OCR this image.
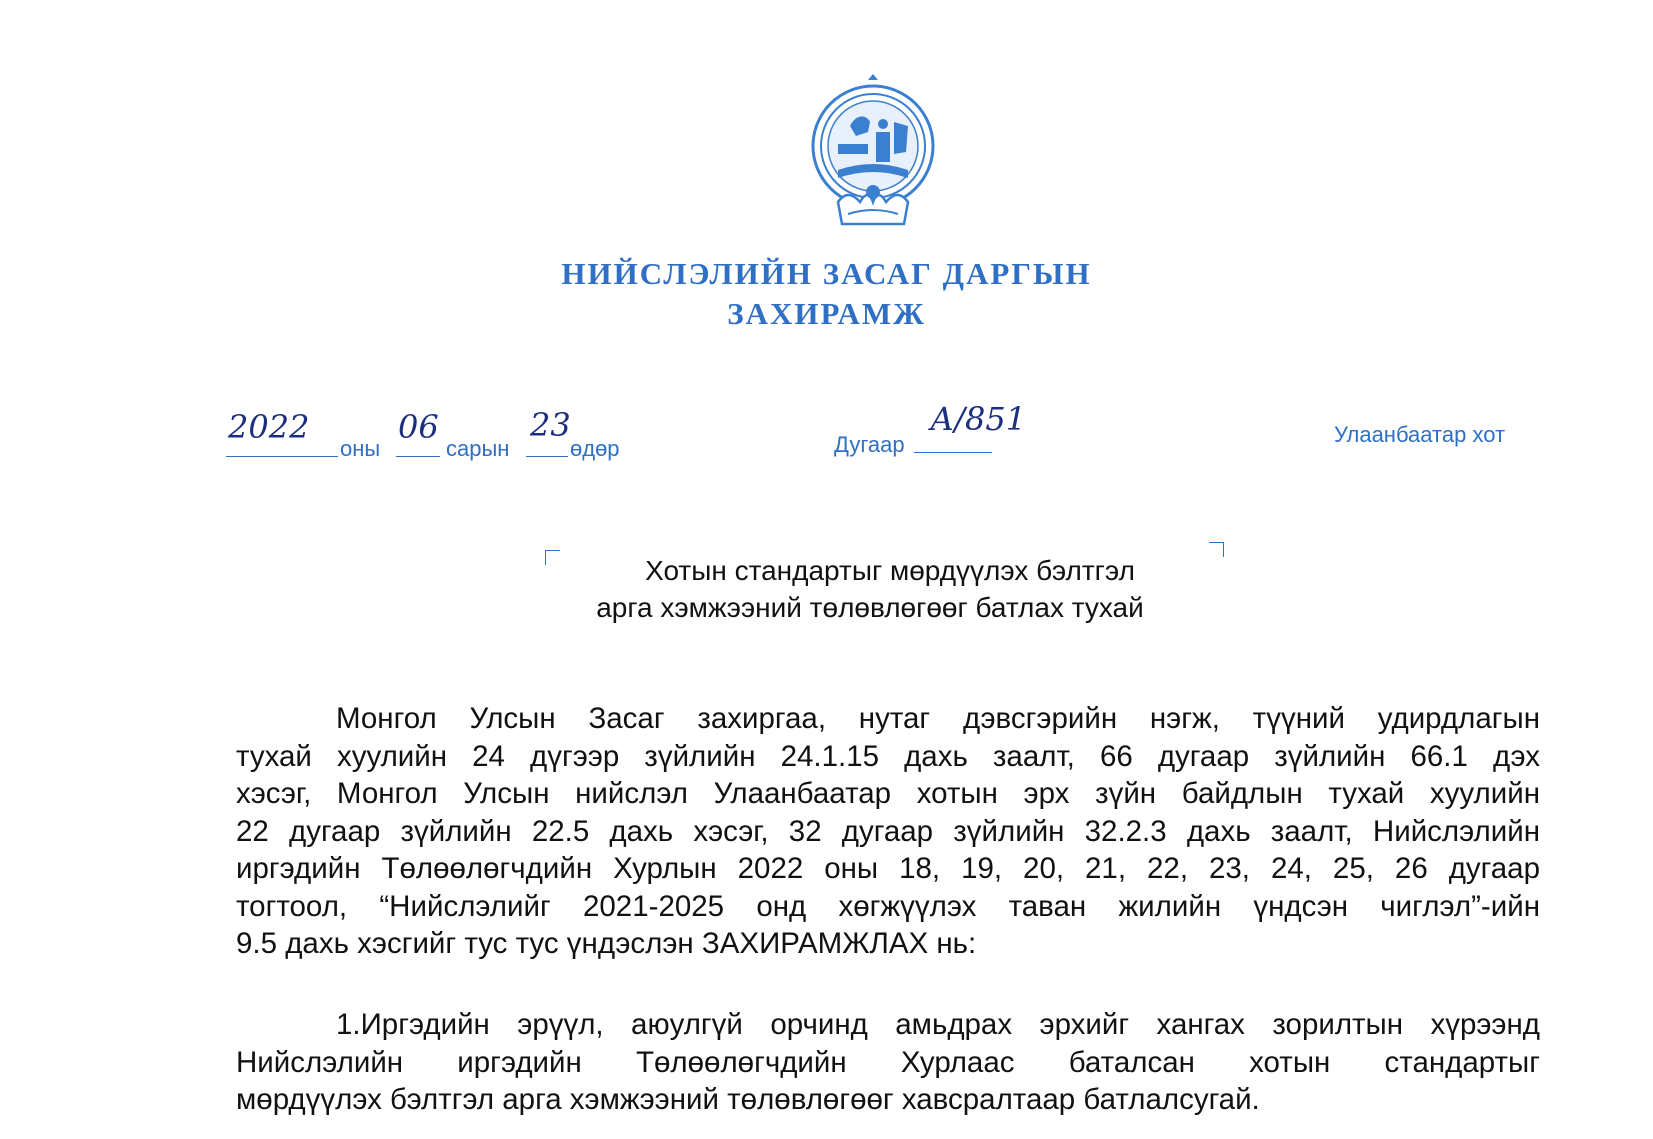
НИЙСЛЭЛИЙН ЗАСАГ ДАРГЫН
ЗАХИРАМЖ
2022
оны
06
сарын
23
өдөр	Дугаар
А/851	Улаанбаатар хот
Хотын стандартыг мөрдүүлэх бэлтгэл
арга хэмжээний төлөвлөгөөг батлах тухай
Монгол Улсын Засаг захиргаа, нутаг дэвсгэрийн нэгж, түүний удирдлагын
тухай хуулийн 24 дүгээр зүйлийн 24.1.15 дахь заалт, 66 дугаар зүйлийн 66.1 дэх
хэсэг, Монгол Улсын нийслэл Улаанбаатар хотын эрх зүйн байдлын тухай хуулийн
22 дугаар зүйлийн 22.5 дахь хэсэг, 32 дугаар зүйлийн 32.2.3 дахь заалт, Нийслэлийн
иргэдийн Төлөөлөгчдийн Хурлын 2022 оны 18, 19, 20, 21, 22, 23, 24, 25, 26 дугаар
тогтоол, “Нийслэлийг 2021-2025 онд хөгжүүлэх таван жилийн үндсэн чиглэл”-ийн
9.5 дахь хэсгийг тус тус үндэслэн ЗАХИРАМЖЛАХ нь:
1.Иргэдийн эрүүл, аюулгүй орчинд амьдрах эрхийг хангах зорилтын хүрээнд
Нийслэлийн иргэдийн Төлөөлөгчдийн Хурлаас баталсан хотын стандартыг
мөрдүүлэх бэлтгэл арга хэмжээний төлөвлөгөөг хавсралтаар батлалсугай.
